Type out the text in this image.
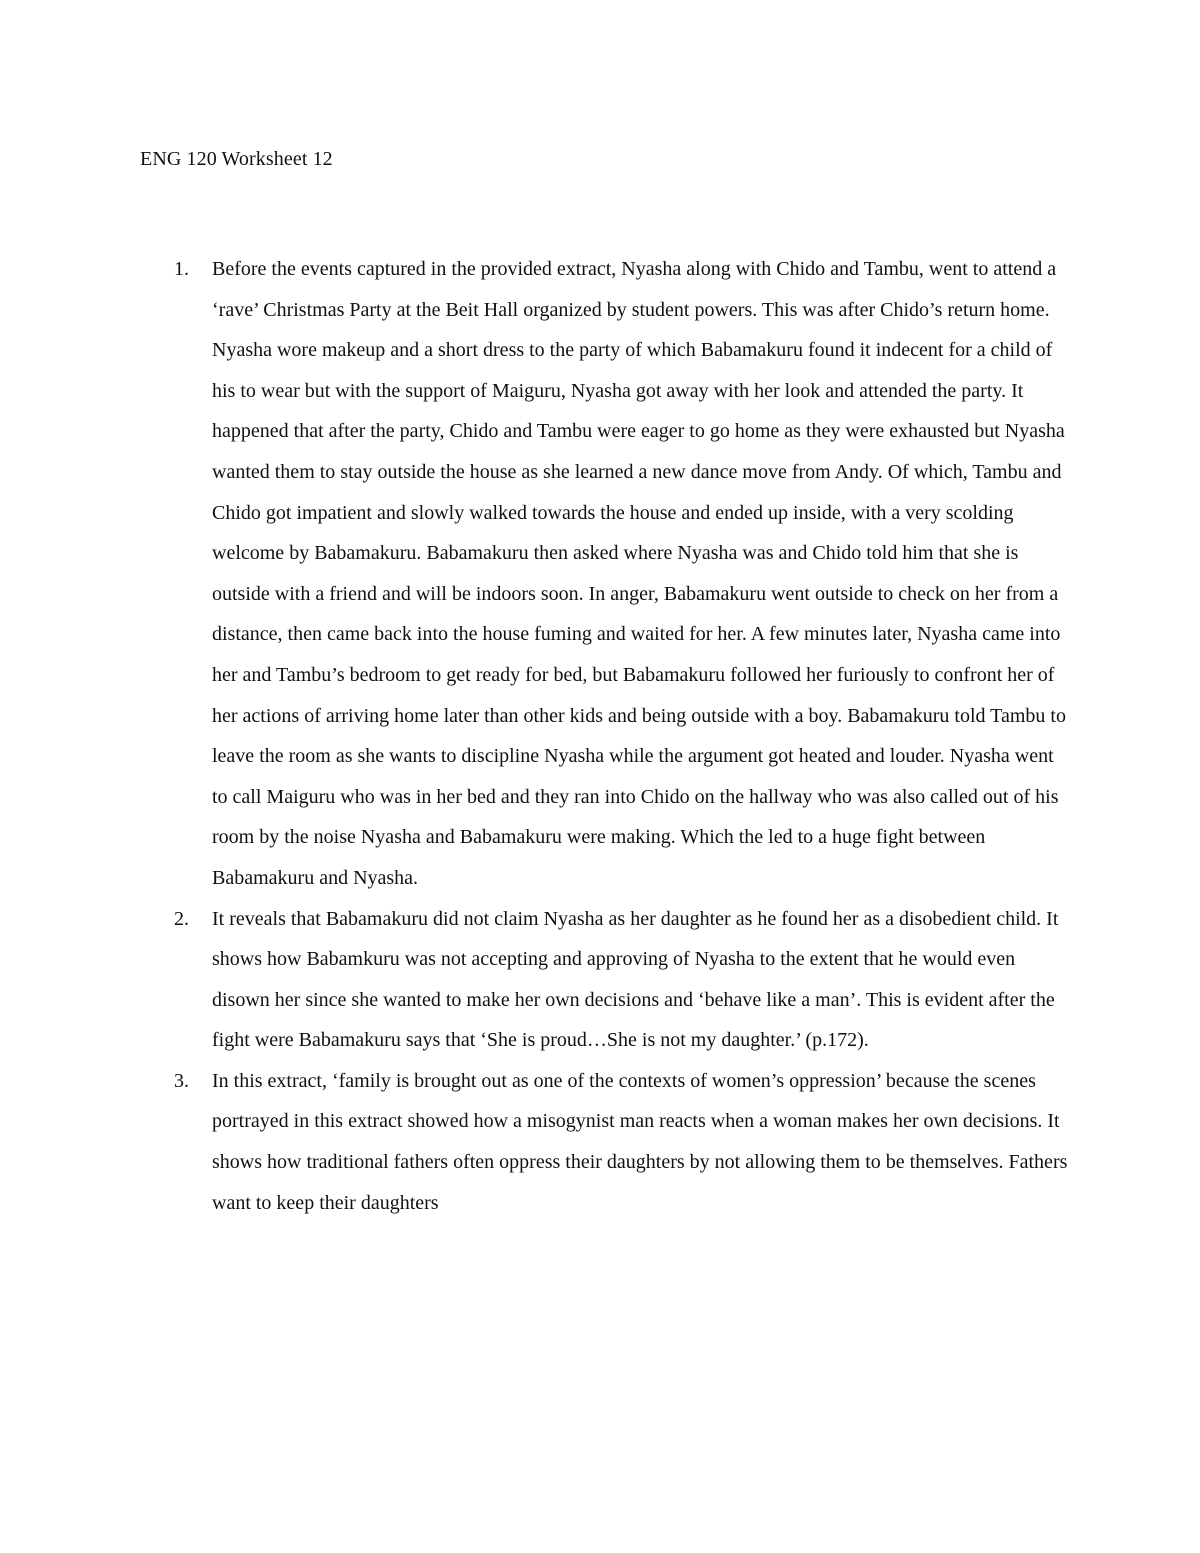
ENG 120 Worksheet 12
1. Before the events captured in the provided extract, Nyasha along with Chido and Tambu, went to attend a ‘rave’ Christmas Party at the Beit Hall organized by student powers. This was after Chido’s return home. Nyasha wore makeup and a short dress to the party of which Babamakuru found it indecent for a child of his to wear but with the support of Maiguru, Nyasha got away with her look and attended the party. It happened that after the party, Chido and Tambu were eager to go home as they were exhausted but Nyasha wanted them to stay outside the house as she learned a new dance move from Andy. Of which, Tambu and Chido got impatient and slowly walked towards the house and ended up inside, with a very scolding welcome by Babamakuru. Babamakuru then asked where Nyasha was and Chido told him that she is outside with a friend and will be indoors soon. In anger, Babamakuru went outside to check on her from a distance, then came back into the house fuming and waited for her. A few minutes later, Nyasha came into her and Tambu’s bedroom to get ready for bed, but Babamakuru followed her furiously to confront her of her actions of arriving home later than other kids and being outside with a boy. Babamakuru told Tambu to leave the room as she wants to discipline Nyasha while the argument got heated and louder. Nyasha went to call Maiguru who was in her bed and they ran into Chido on the hallway who was also called out of his room by the noise Nyasha and Babamakuru were making. Which the led to a huge fight between Babamakuru and Nyasha.

2. It reveals that Babamakuru did not claim Nyasha as her daughter as he found her as a disobedient child. It shows how Babamkuru was not accepting and approving of Nyasha to the extent that he would even disown her since she wanted to make her own decisions and ‘behave like a man’. This is evident after the fight were Babamakuru says that ‘She is proud…She is not my daughter.’ (p.172).

3. In this extract, ‘family is brought out as one of the contexts of women’s oppression’ because the scenes portrayed in this extract showed how a misogynist man reacts when a woman makes her own decisions. It shows how traditional fathers often oppress their daughters by not allowing them to be themselves. Fathers want to keep their daughters
